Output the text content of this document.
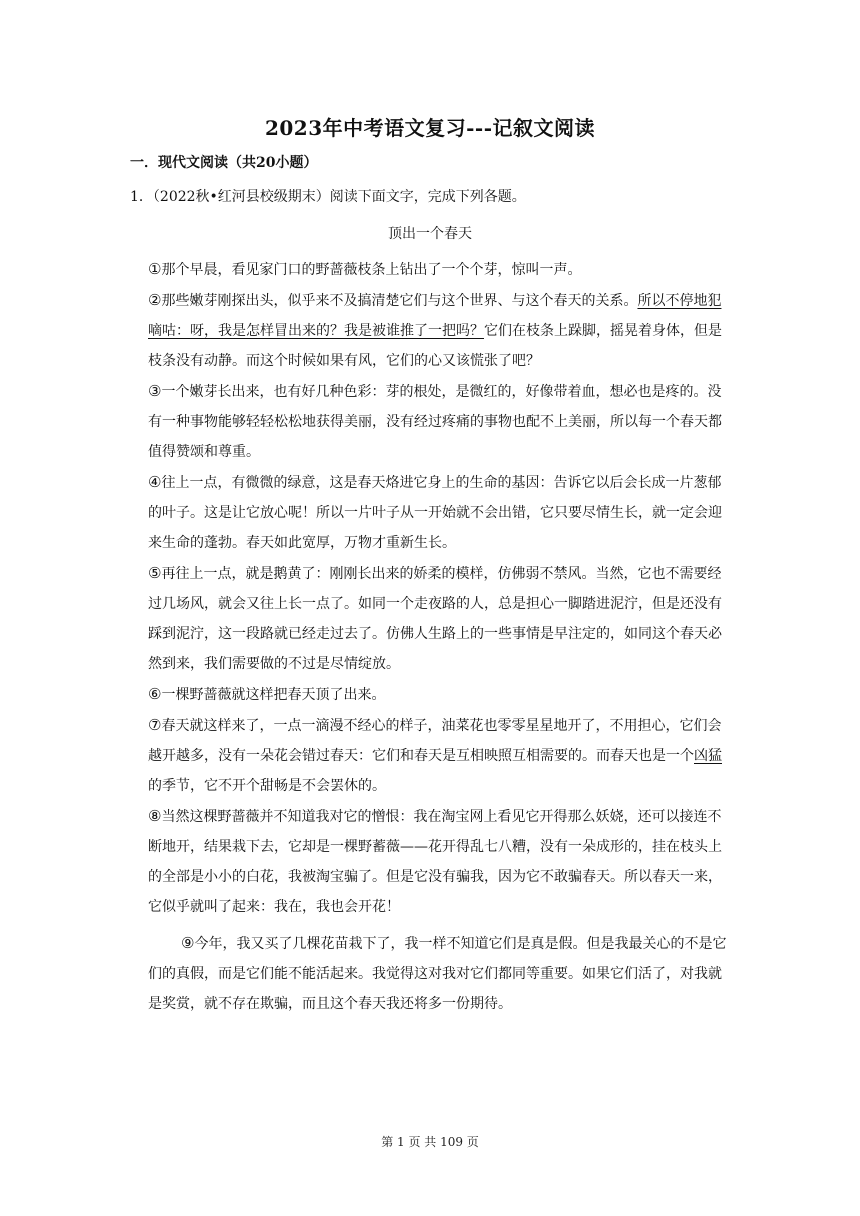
2023年中考语文复习---记叙文阅读
一．现代文阅读（共20小题）
1．（2022秋•红河县校级期末）阅读下面文字，完成下列各题。
顶出一个春天

①那个早晨，看见家门口的野蔷薇枝条上钻出了一个个芽，惊叫一声。

②那些嫩芽刚探出头，似乎来不及搞清楚它们与这个世界、与这个春天的关系。所以不停地犯嘀咕：呀，我是怎样冒出来的？我是被谁推了一把吗？它们在枝条上跺脚，摇晃着身体，但是枝条没有动静。而这个时候如果有风，它们的心又该慌张了吧？

③一个嫩芽长出来，也有好几种色彩：芽的根处，是微红的，好像带着血，想必也是疼的。没有一种事物能够轻轻松松地获得美丽，没有经过疼痛的事物也配不上美丽，所以每一个春天都值得赞颂和尊重。

④往上一点，有微微的绿意，这是春天烙进它身上的生命的基因：告诉它以后会长成一片葱郁的叶子。这是让它放心呢！所以一片叶子从一开始就不会出错，它只要尽情生长，就一定会迎来生命的蓬勃。春天如此宽厚，万物才重新生长。

⑤再往上一点，就是鹅黄了：刚刚长出来的娇柔的模样，仿佛弱不禁风。当然，它也不需要经过几场风，就会又往上长一点了。如同一个走夜路的人，总是担心一脚踏进泥泞，但是还没有踩到泥泞，这一段路就已经走过去了。仿佛人生路上的一些事情是早注定的，如同这个春天必然到来，我们需要做的不过是尽情绽放。

⑥一棵野蔷薇就这样把春天顶了出来。

⑦春天就这样来了，一点一滴漫不经心的样子，油菜花也零零星星地开了，不用担心，它们会越开越多，没有一朵花会错过春天：它们和春天是互相映照互相需要的。而春天也是一个凶猛的季节，它不开个甜畅是不会罢休的。

⑧当然这棵野蔷薇并不知道我对它的憎恨：我在淘宝网上看见它开得那么妖娆，还可以接连不断地开，结果栽下去，它却是一棵野蓄薇——花开得乱七八糟，没有一朵成形的，挂在枝头上的全部是小小的白花，我被淘宝骗了。但是它没有骗我，因为它不敢骗春天。所以春天一来，它似乎就叫了起来：我在，我也会开花！

⑨今年，我又买了几棵花苗栽下了，我一样不知道它们是真是假。但是我最关心的不是它们的真假，而是它们能不能活起来。我觉得这对我对它们都同等重要。如果它们活了，对我就是奖赏，就不存在欺骗，而且这个春天我还将多一份期待。

第 1 页 共 109 页
